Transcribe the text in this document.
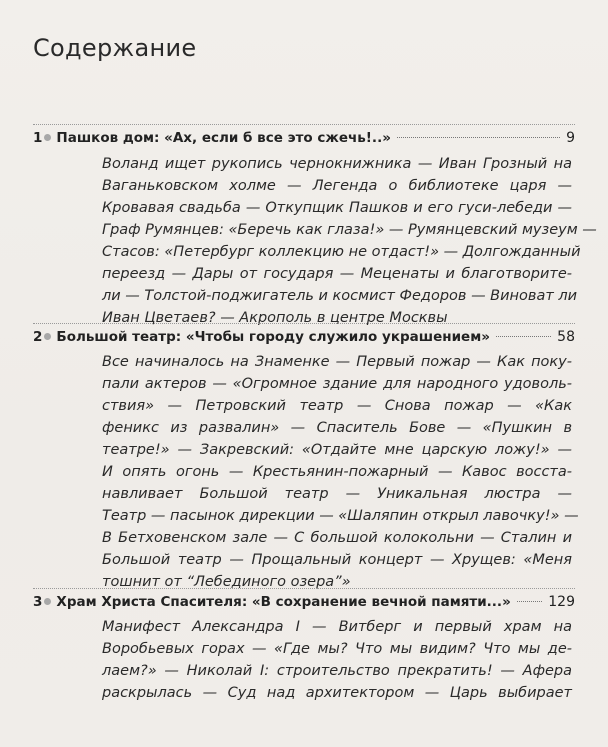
Содержание
1 Пашков дом: «Ах, если б все это сжечь!..»	9
Воланд ищет рукопись чернокнижника — Иван Грозный на
Ваганьковском холме — Легенда о библиотеке царя —
Кровавая свадьба — Откупщик Пашков и его гуси-лебеди —
Граф Румянцев: «Беречь как глаза!» — Румянцевский музеум —
Стасов: «Петербург коллекцию не отдаст!» — Долгожданный
переезд — Дары от государя — Меценаты и благотворите-
ли — Толстой-поджигатель и космист Федоров — Виноват ли
Иван Цветаев? — Акрополь в центре Москвы
2 Большой театр: «Чтобы городу служило украшением»	58
Все начиналось на Знаменке — Первый пожар — Как поку-
пали актеров — «Огромное здание для народного удоволь-
ствия» — Петровский театр — Снова пожар — «Как
феникс из развалин» — Спаситель Бове — «Пушкин в
театре!» — Закревский: «Отдайте мне царскую ложу!» —
И опять огонь — Крестьянин-пожарный — Кавос восста-
навливает Большой театр — Уникальная люстра —
Театр — пасынок дирекции — «Шаляпин открыл лавочку!» —
В Бетховенском зале — С большой колокольни — Сталин и
Большой театр — Прощальный концерт — Хрущев: «Меня
тошнит от “Лебединого озера”»
3 Храм Христа Спасителя: «В сохранение вечной памяти...»	129
Манифест Александра I — Витберг и первый храм на
Воробьевых горах — «Где мы? Что мы видим? Что мы де-
лаем?» — Николай I: строительство прекратить! — Афера
раскрылась — Суд над архитектором — Царь выбирает
